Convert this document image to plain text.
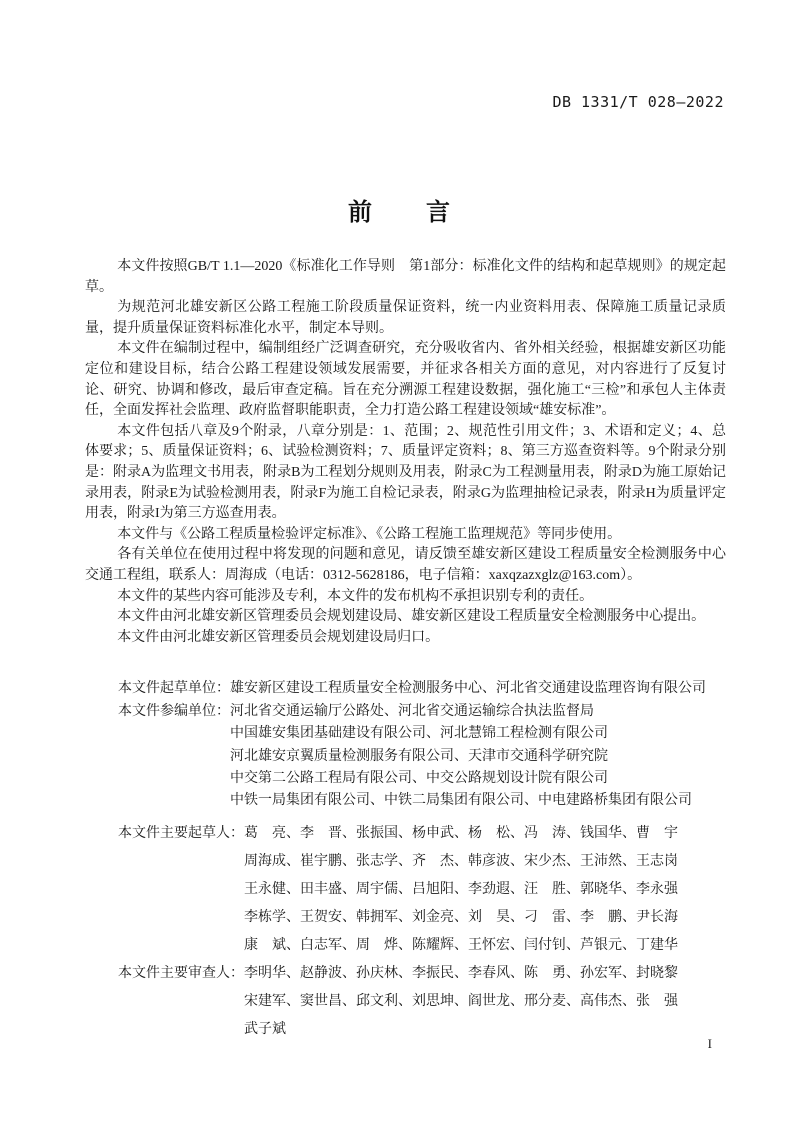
DB 1331/T 028—2022
前　　言

本文件按照GB/T 1.1—2020《标准化工作导则　第1部分：标准化文件的结构和起草规则》的规定起草。

为规范河北雄安新区公路工程施工阶段质量保证资料，统一内业资料用表、保障施工质量记录质量，提升质量保证资料标准化水平，制定本导则。

本文件在编制过程中，编制组经广泛调查研究，充分吸收省内、省外相关经验，根据雄安新区功能定位和建设目标，结合公路工程建设领域发展需要，并征求各相关方面的意见，对内容进行了反复讨论、研究、协调和修改，最后审查定稿。旨在充分溯源工程建设数据，强化施工“三检”和承包人主体责任，全面发挥社会监理、政府监督职能职责，全力打造公路工程建设领域“雄安标准”。

本文件包括八章及9个附录，八章分别是：1、范围；2、规范性引用文件；3、术语和定义；4、总体要求；5、质量保证资料；6、试验检测资料；7、质量评定资料；8、第三方巡查资料等。9个附录分别是：附录A为监理文书用表，附录B为工程划分规则及用表，附录C为工程测量用表，附录D为施工原始记录用表，附录E为试验检测用表，附录F为施工自检记录表，附录G为监理抽检记录表，附录H为质量评定用表，附录I为第三方巡查用表。

本文件与《公路工程质量检验评定标准》、《公路工程施工监理规范》等同步使用。

各有关单位在使用过程中将发现的问题和意见，请反馈至雄安新区建设工程质量安全检测服务中心交通工程组，联系人：周海成（电话：0312-5628186，电子信箱：xaxqzazxglz@163.com）。

本文件的某些内容可能涉及专利，本文件的发布机构不承担识别专利的责任。

本文件由河北雄安新区管理委员会规划建设局、雄安新区建设工程质量安全检测服务中心提出。

本文件由河北雄安新区管理委员会规划建设局归口。

本文件起草单位： 雄安新区建设工程质量安全检测服务中心、河北省交通建设监理咨询有限公司
本文件参编单位： 河北省交通运输厅公路处、河北省交通运输综合执法监督局
中国雄安集团基础建设有限公司、河北慧锦工程检测有限公司
河北雄安京翼质量检测服务有限公司、天津市交通科学研究院
中交第二公路工程局有限公司、中交公路规划设计院有限公司
中铁一局集团有限公司、中铁二局集团有限公司、中电建路桥集团有限公司
本文件主要起草人： 葛　亮、李　晋、张振国、杨申武、杨　松、冯　涛、钱国华、曹　宇
周海成、崔宇鹏、张志学、齐　杰、韩彦波、宋少杰、王沛然、王志岗
王永健、田丰盛、周宇儒、吕旭阳、李劲遐、汪　胜、郭晓华、李永强
李栋学、王贺安、韩拥军、刘金亮、刘　昊、刁　雷、李　鹏、尹长海
康　斌、白志军、周　烨、陈耀辉、王怀宏、闫付钊、芦银元、丁建华
本文件主要审查人： 李明华、赵静波、孙庆林、李振民、李春风、陈　勇、孙宏军、封晓黎
宋建军、窦世昌、邱文利、刘思坤、阎世龙、邢分麦、高伟杰、张　强
武子斌
I
